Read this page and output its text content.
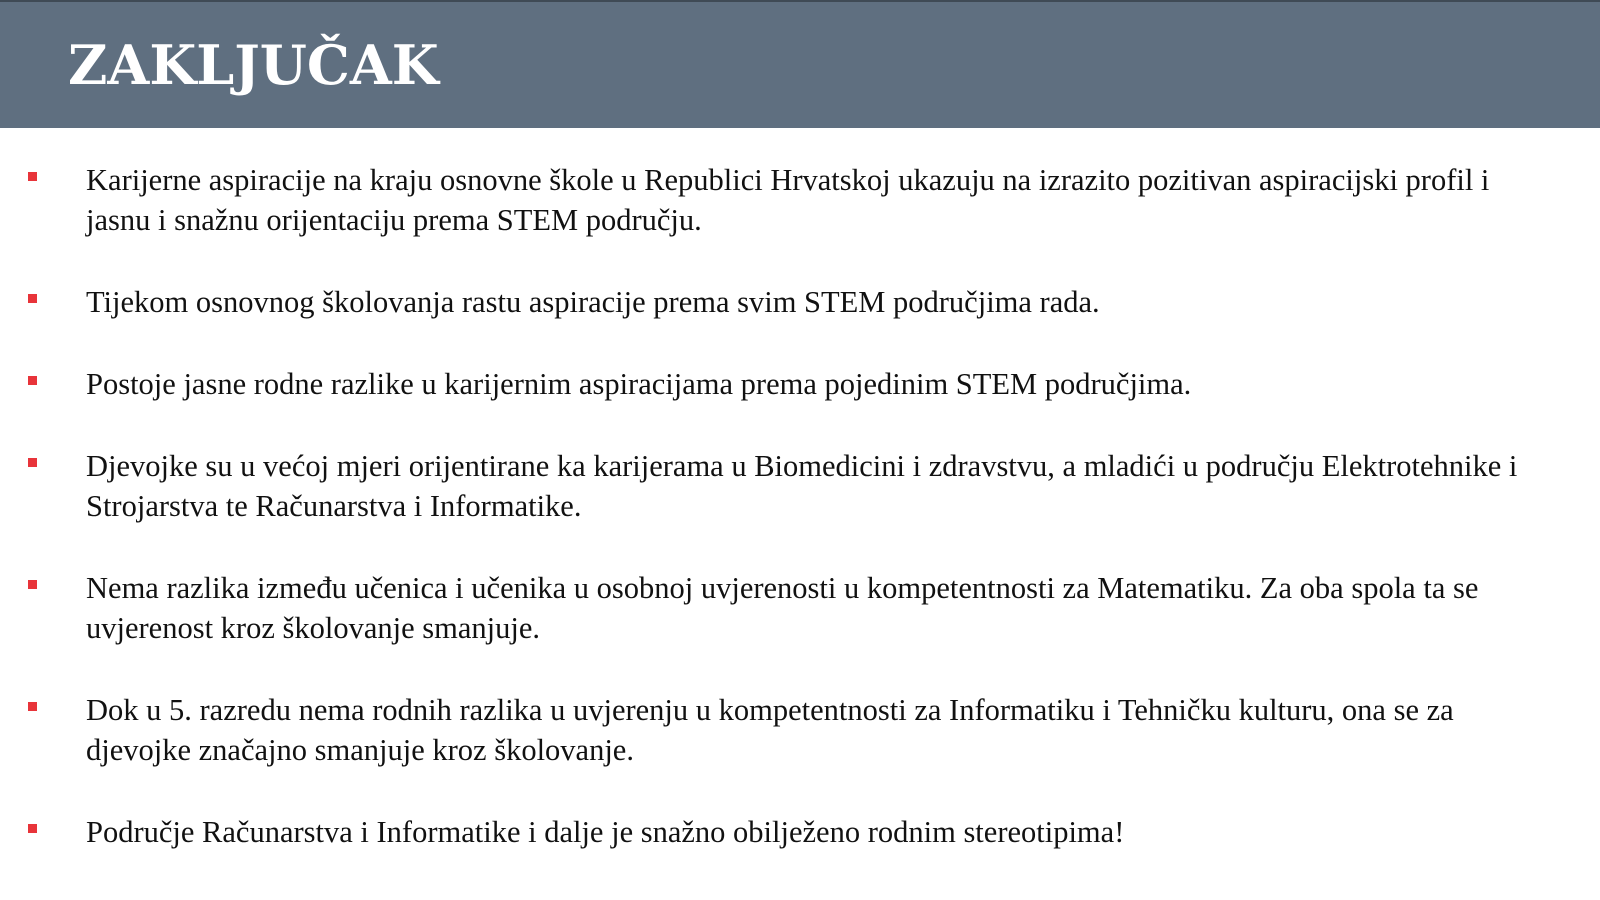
ZAKLJUČAK

Karijerne aspiracije na kraju osnovne škole u Republici Hrvatskoj ukazuju na izrazito pozitivan aspiracijski profil i jasnu i snažnu orijentaciju prema STEM području.

Tijekom osnovnog školovanja rastu aspiracije prema svim STEM područjima rada.

Postoje jasne rodne razlike u karijernim aspiracijama prema pojedinim STEM područjima.

Djevojke su u većoj mjeri orijentirane ka karijerama u Biomedicini i zdravstvu, a mladići u području Elektrotehnike i Strojarstva te Računarstva i Informatike.

Nema razlika između učenica i učenika u osobnoj uvjerenosti u kompetentnosti za Matematiku. Za oba spola ta se uvjerenost kroz školovanje smanjuje.

Dok u 5. razredu nema rodnih razlika u uvjerenju u kompetentnosti za Informatiku i Tehničku kulturu, ona se za djevojke značajno smanjuje kroz školovanje.

Područje Računarstva i Informatike i dalje je snažno obilježeno rodnim stereotipima!
